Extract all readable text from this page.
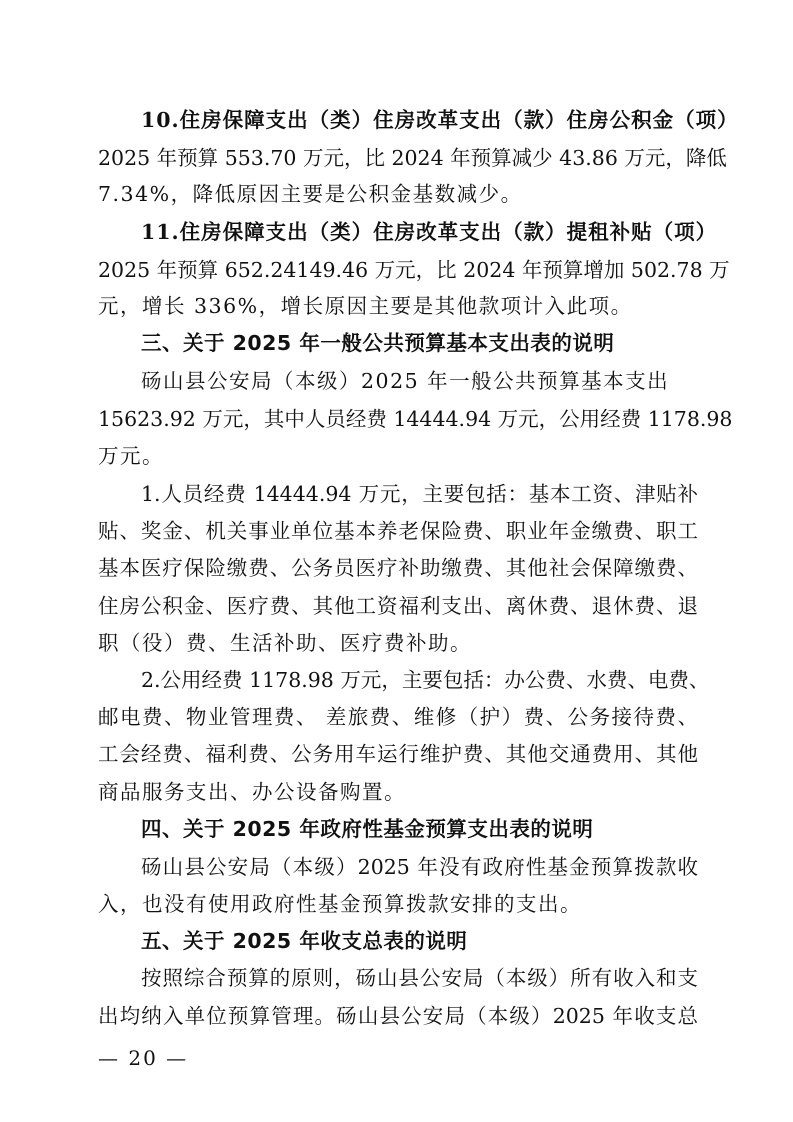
10.住房保障支出（类）住房改革支出（款）住房公积金（项）
2025 年预算 553.70 万元，比 2024 年预算减少 43.86 万元，降低
7.34%，降低原因主要是公积金基数减少。
11.住房保障支出（类）住房改革支出（款）提租补贴（项）
2025 年预算 652.24149.46 万元，比 2024 年预算增加 502.78 万
元，增长 336%，增长原因主要是其他款项计入此项。
三、关于 2025 年一般公共预算基本支出表的说明
砀山县公安局（本级）2025 年一般公共预算基本支出
15623.92 万元，其中人员经费 14444.94 万元，公用经费 1178.98
万元。
1.人员经费 14444.94 万元，主要包括：基本工资、津贴补
贴、奖金、机关事业单位基本养老保险费、职业年金缴费、职工
基本医疗保险缴费、公务员医疗补助缴费、其他社会保障缴费、
住房公积金、医疗费、其他工资福利支出、离休费、退休费、退
职（役）费、生活补助、医疗费补助。
2.公用经费 1178.98 万元，主要包括：办公费、水费、电费、
邮电费、物业管理费、 差旅费、维修（护）费、公务接待费、
工会经费、福利费、公务用车运行维护费、其他交通费用、其他
商品服务支出、办公设备购置。
四、关于 2025 年政府性基金预算支出表的说明
砀山县公安局（本级）2025 年没有政府性基金预算拨款收
入，也没有使用政府性基金预算拨款安排的支出。
五、关于 2025 年收支总表的说明
按照综合预算的原则，砀山县公安局（本级）所有收入和支
出均纳入单位预算管理。砀山县公安局（本级）2025 年收支总
— 20 —
